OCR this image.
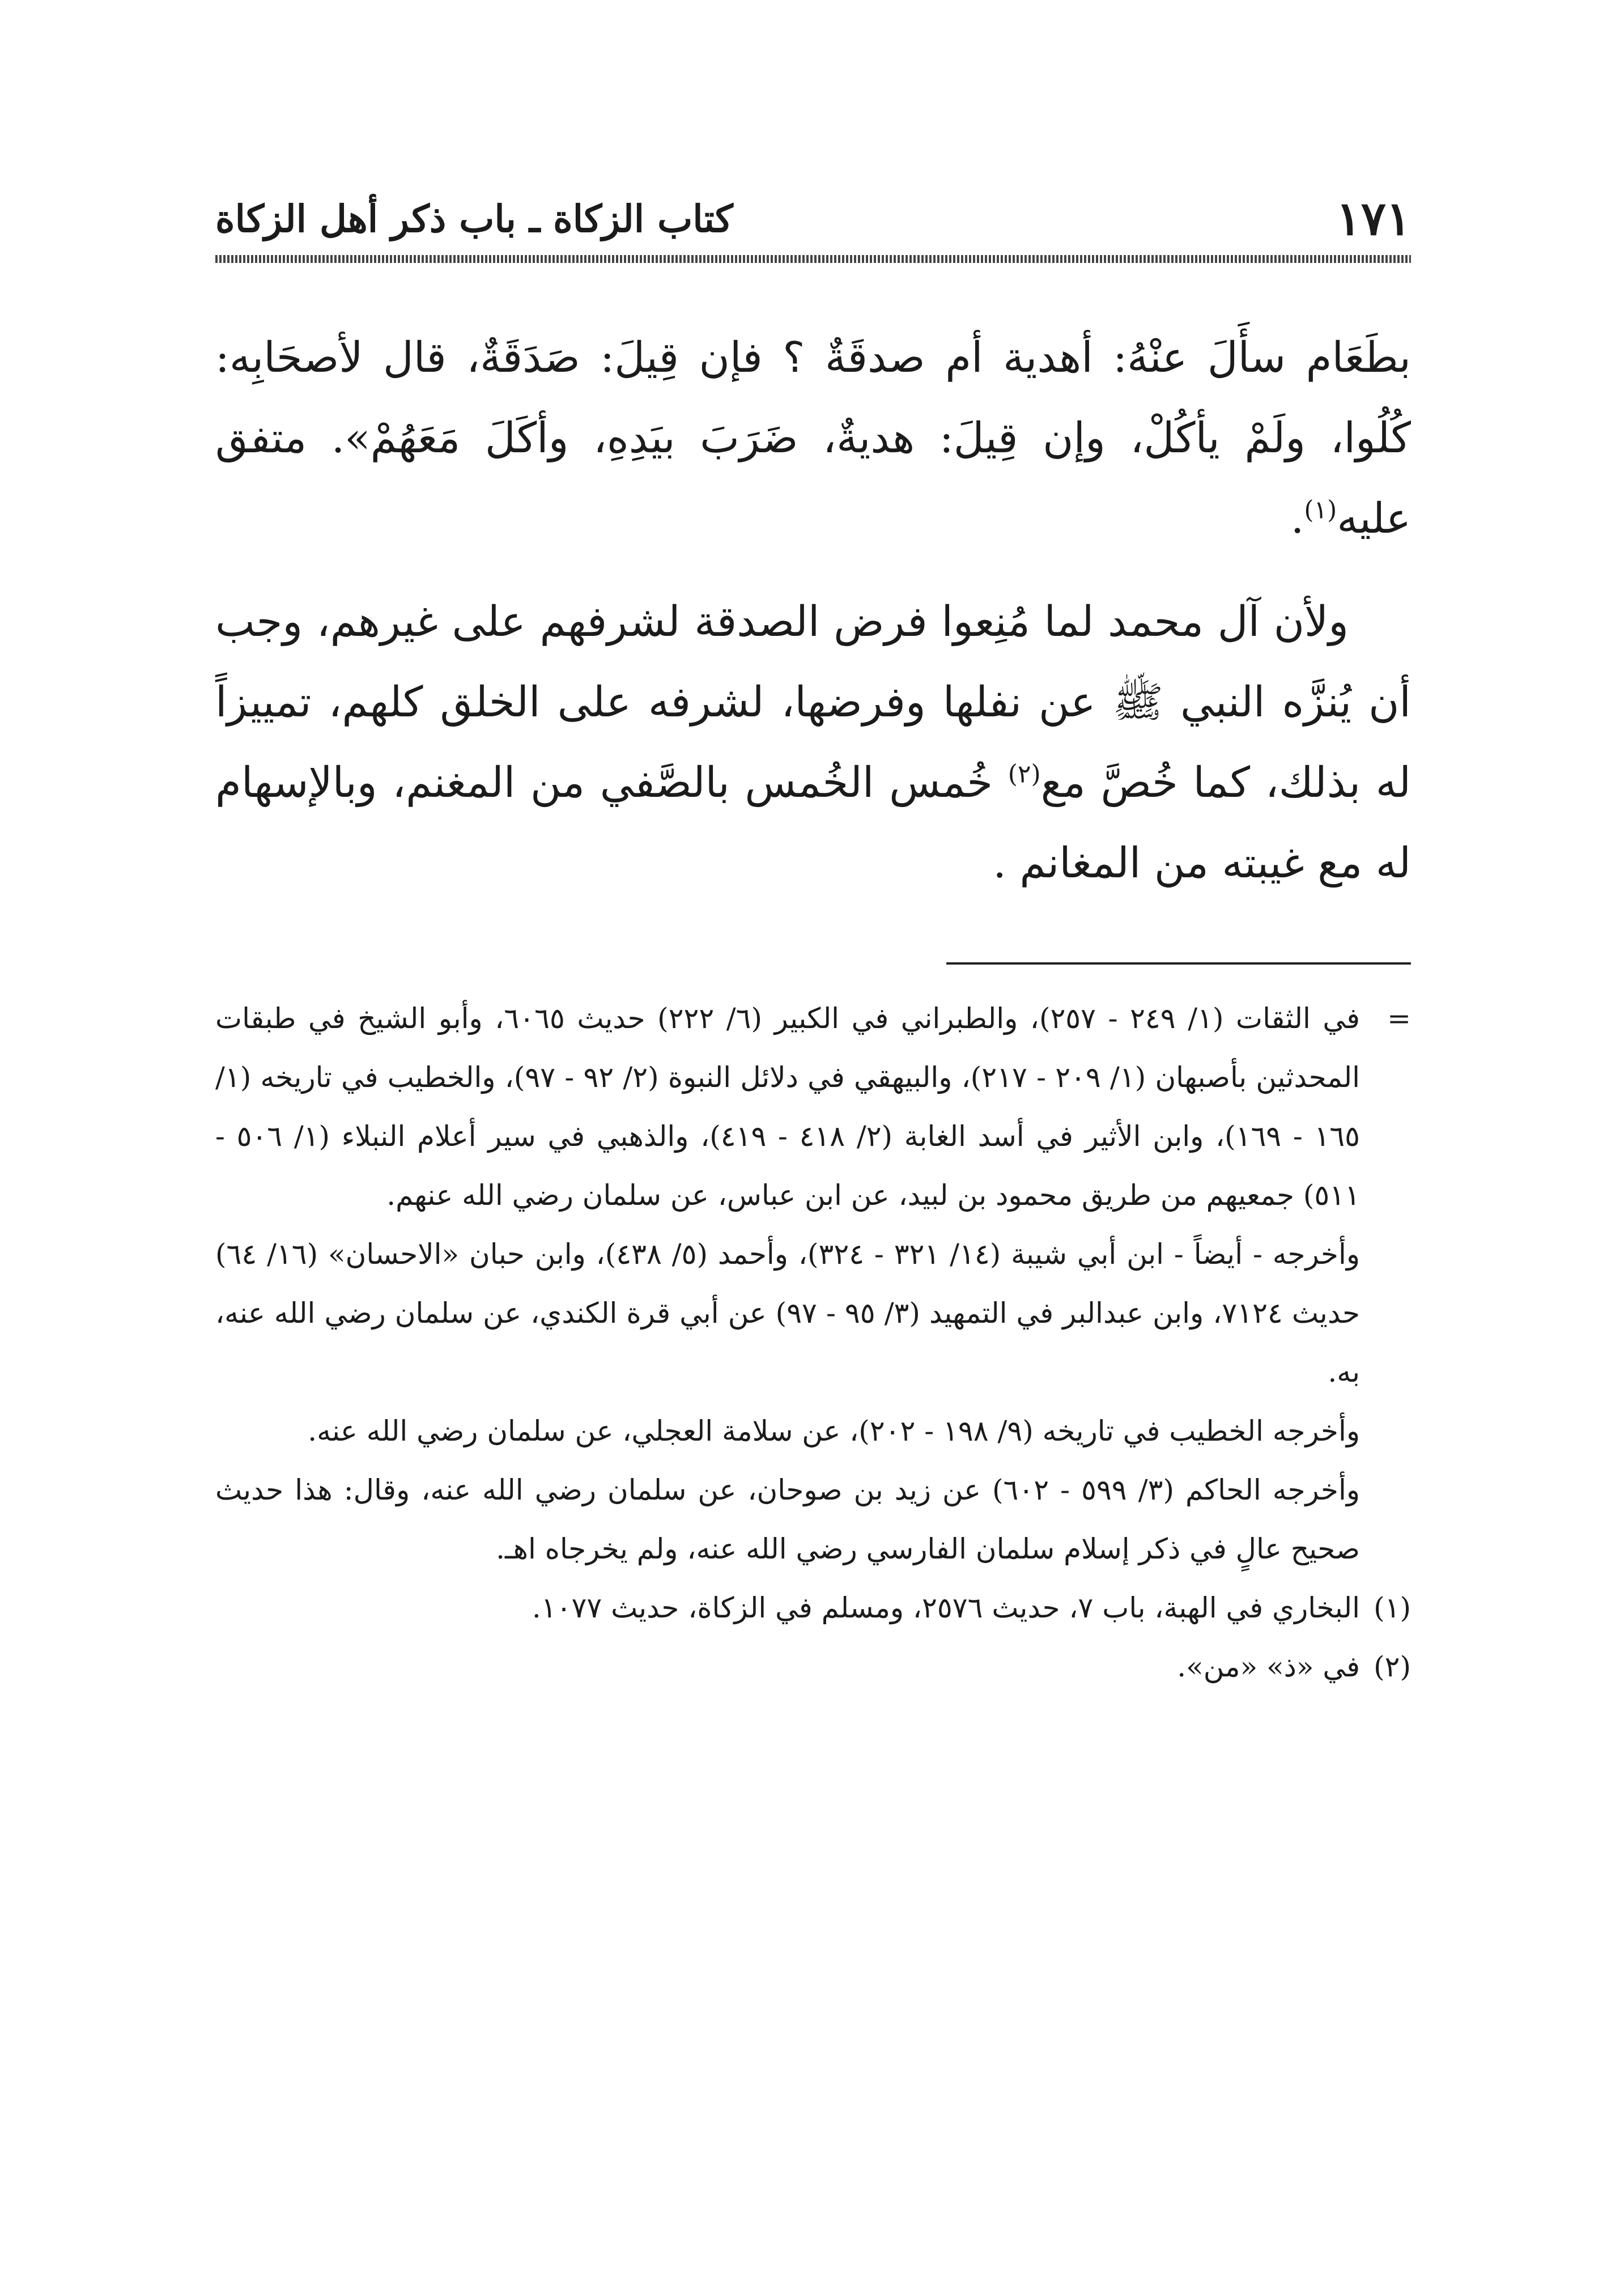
١٧١
كتاب الزكاة ـ باب ذكر أهل الزكاة

بطَعَام سأَلَ عنْهُ: أهدية أم صدقَةٌ ؟ فإن قِيلَ: صَدَقَةٌ، قال لأصحَابِه: كُلُوا، ولَمْ يأكُلْ، وإن قِيلَ: هديةٌ، ضَرَبَ بيَدِهِ، وأكَلَ مَعَهُمْ». متفق عليه$^{(١)}$.

ولأن آل محمد لما مُنِعوا فرض الصدقة لشرفهم على غيرهم، وجب أن يُنزَّه النبي ﷺ عن نفلها وفرضها، لشرفه على الخلق كلهم، تمييزاً له بذلك، كما خُصَّ مع$^{(٢)}$ خُمس الخُمس بالصَّفي من المغنم، وبالإسهام له مع غيبته من المغانم .

=

في الثقات (١/ ٢٤٩ - ٢٥٧)، والطبراني في الكبير (٦/ ٢٢٢) حديث ٦٠٦٥، وأبو الشيخ في طبقات المحدثين بأصبهان (١/ ٢٠٩ - ٢١٧)، والبيهقي في دلائل النبوة (٢/ ٩٢ - ٩٧)، والخطيب في تاريخه (١/ ١٦٥ - ١٦٩)، وابن الأثير في أسد الغابة (٢/ ٤١٨ - ٤١٩)، والذهبي في سير أعلام النبلاء (١/ ٥٠٦ - ٥١١) جمعيهم من طريق محمود بن لبيد، عن ابن عباس، عن سلمان رضي الله عنهم.

وأخرجه - أيضاً - ابن أبي شيبة (١٤/ ٣٢١ - ٣٢٤)، وأحمد (٥/ ٤٣٨)، وابن حبان «الاحسان» (١٦/ ٦٤) حديث ٧١٢٤، وابن عبدالبر في التمهيد (٣/ ٩٥ - ٩٧) عن أبي قرة الكندي، عن سلمان رضي الله عنه، به.

وأخرجه الخطيب في تاريخه (٩/ ١٩٨ - ٢٠٢)، عن سلامة العجلي، عن سلمان رضي الله عنه.

وأخرجه الحاكم (٣/ ٥٩٩ - ٦٠٢) عن زيد بن صوحان، عن سلمان رضي الله عنه، وقال: هذا حديث صحيح عالٍ في ذكر إسلام سلمان الفارسي رضي الله عنه، ولم يخرجاه اهـ.

(١)
البخاري في الهبة، باب ٧، حديث ٢٥٧٦، ومسلم في الزكاة، حديث ١٠٧٧.
(٢)
في «ذ» «من».
